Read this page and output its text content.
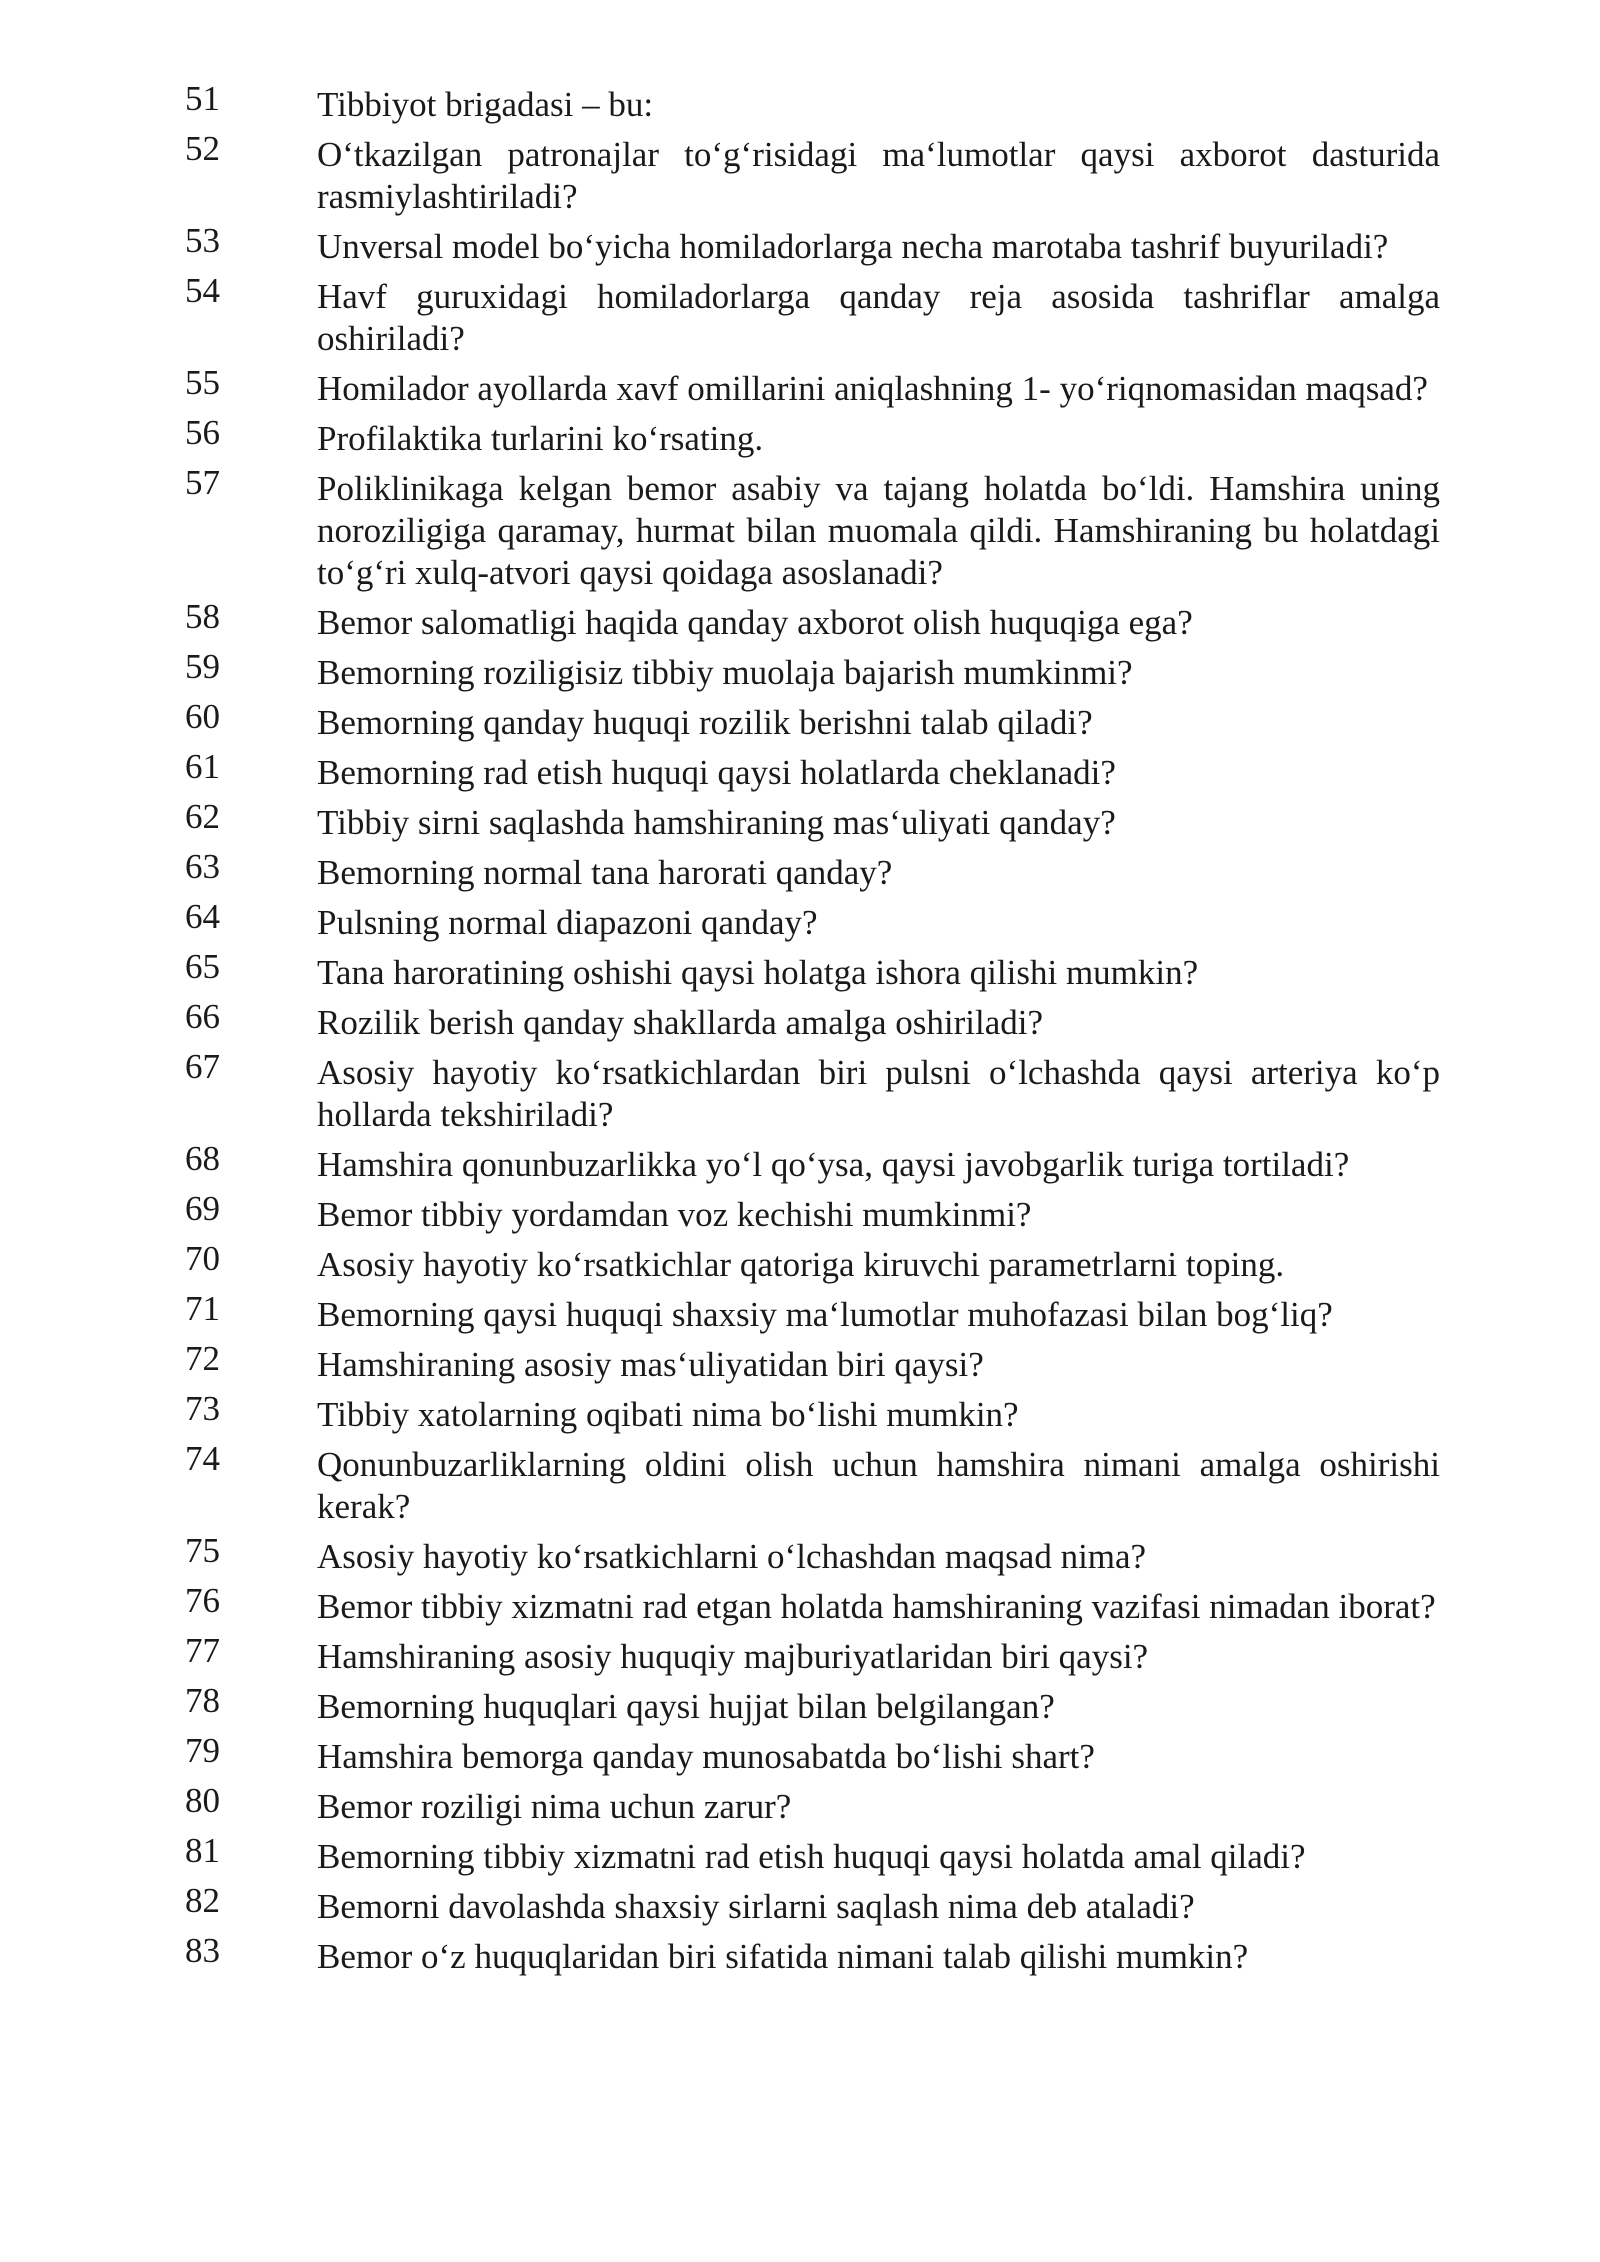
51	Tibbiyot brigadasi – bu:
52	O‘tkazilgan patronajlar to‘g‘risidagi ma‘lumotlar qaysi axborot dasturida rasmiylashtiriladi?
53	Unversal model bo‘yicha homiladorlarga necha marotaba tashrif buyuriladi?
54	Havf guruxidagi homiladorlarga qanday reja asosida tashriflar amalga oshiriladi?
55	Homilador ayollarda xavf omillarini aniqlashning 1- yo‘riqnomasidan maqsad?
56	Profilaktika turlarini ko‘rsating.
57	Poliklinikaga kelgan bemor asabiy va tajang holatda bo‘ldi. Hamshira uning noroziligiga qaramay, hurmat bilan muomala qildi. Hamshiraning bu holatdagi to‘g‘ri xulq-atvori qaysi qoidaga asoslanadi?
58	Bemor salomatligi haqida qanday axborot olish huquqiga ega?
59	Bemorning roziligisiz tibbiy muolaja bajarish mumkinmi?
60	Bemorning qanday huquqi rozilik berishni talab qiladi?
61	Bemorning rad etish huquqi qaysi holatlarda cheklanadi?
62	Tibbiy sirni saqlashda hamshiraning mas‘uliyati qanday?
63	Bemorning normal tana harorati qanday?
64	Pulsning normal diapazoni qanday?
65	Tana haroratining oshishi qaysi holatga ishora qilishi mumkin?
66	Rozilik berish qanday shakllarda amalga oshiriladi?
67	Asosiy hayotiy ko‘rsatkichlardan biri pulsni o‘lchashda qaysi arteriya ko‘p hollarda tekshiriladi?
68	Hamshira qonunbuzarlikka yo‘l qo‘ysa, qaysi javobgarlik turiga tortiladi?
69	Bemor tibbiy yordamdan voz kechishi mumkinmi?
70	Asosiy hayotiy ko‘rsatkichlar qatoriga kiruvchi parametrlarni toping.
71	Bemorning qaysi huquqi shaxsiy ma‘lumotlar muhofazasi bilan bog‘liq?
72	Hamshiraning asosiy mas‘uliyatidan biri qaysi?
73	Tibbiy xatolarning oqibati nima bo‘lishi mumkin?
74	Qonunbuzarliklarning oldini olish uchun hamshira nimani amalga oshirishi kerak?
75	Asosiy hayotiy ko‘rsatkichlarni o‘lchashdan maqsad nima?
76	Bemor tibbiy xizmatni rad etgan holatda hamshiraning vazifasi nimadan iborat?
77	Hamshiraning asosiy huquqiy majburiyatlaridan biri qaysi?
78	Bemorning huquqlari qaysi hujjat bilan belgilangan?
79	Hamshira bemorga qanday munosabatda bo‘lishi shart?
80	Bemor roziligi nima uchun zarur?
81	Bemorning tibbiy xizmatni rad etish huquqi qaysi holatda amal qiladi?
82	Bemorni davolashda shaxsiy sirlarni saqlash nima deb ataladi?
83	Bemor o‘z huquqlaridan biri sifatida nimani talab qilishi mumkin?
